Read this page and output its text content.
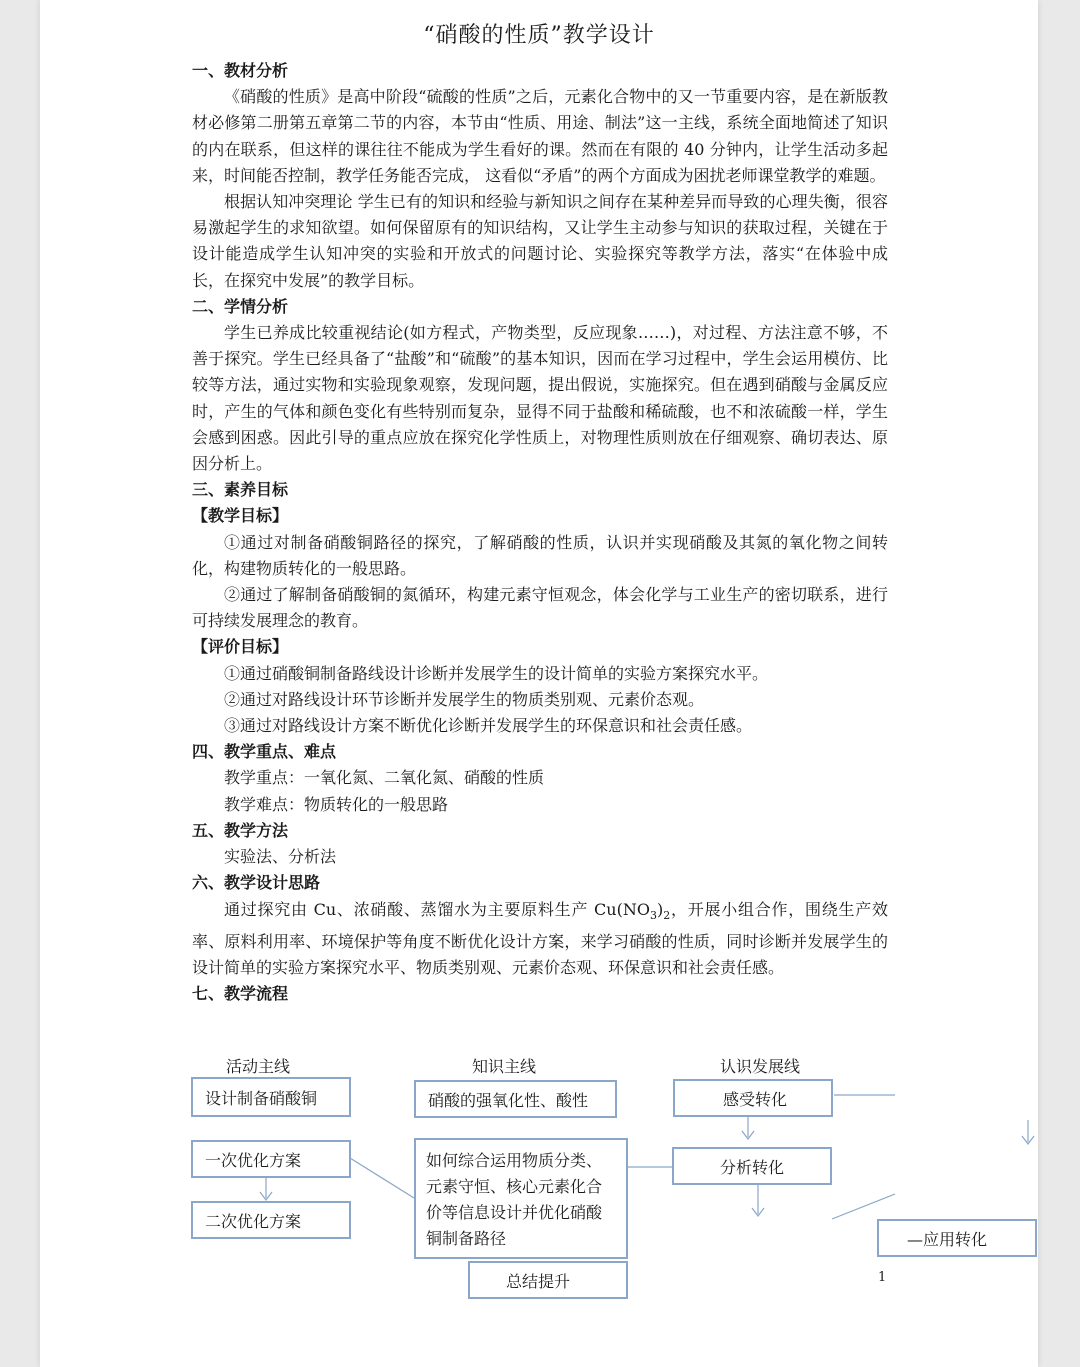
“硝酸的性质”教学设计
一、教材分析

《硝酸的性质》是高中阶段“硫酸的性质”之后，元素化合物中的又一节重要内容，是在新版教材必修第二册第五章第二节的内容，本节由“性质、用途、制法”这一主线，系统全面地简述了知识的内在联系，但这样的课往往不能成为学生看好的课。然而在有限的 40 分钟内，让学生活动多起来，时间能否控制，教学任务能否完成， 这看似“矛盾”的两个方面成为困扰老师课堂教学的难题。

根据认知冲突理论 学生已有的知识和经验与新知识之间存在某种差异而导致的心理失衡，很容易激起学生的求知欲望。如何保留原有的知识结构，又让学生主动参与知识的获取过程，关键在于设计能造成学生认知冲突的实验和开放式的问题讨论、实验探究等教学方法，落实“在体验中成长，在探究中发展”的教学目标。

二、学情分析

学生已养成比较重视结论(如方程式，产物类型，反应现象……)，对过程、方法注意不够，不善于探究。学生已经具备了“盐酸”和“硫酸”的基本知识，因而在学习过程中，学生会运用模仿、比较等方法，通过实物和实验现象观察，发现问题，提出假说，实施探究。但在遇到硝酸与金属反应时，产生的气体和颜色变化有些特别而复杂，显得不同于盐酸和稀硫酸，也不和浓硫酸一样，学生会感到困惑。因此引导的重点应放在探究化学性质上，对物理性质则放在仔细观察、确切表达、原因分析上。

三、素养目标
【教学目标】

①通过对制备硝酸铜路径的探究，了解硝酸的性质，认识并实现硝酸及其氮的氧化物之间转化，构建物质转化的一般思路。

②通过了解制备硝酸铜的氮循环，构建元素守恒观念，体会化学与工业生产的密切联系，进行可持续发展理念的教育。

【评价目标】

①通过硝酸铜制备路线设计诊断并发展学生的设计简单的实验方案探究水平。

②通过对路线设计环节诊断并发展学生的物质类别观、元素价态观。

③通过对路线设计方案不断优化诊断并发展学生的环保意识和社会责任感。

四、教学重点、难点

教学重点：一氧化氮、二氧化氮、硝酸的性质

教学难点：物质转化的一般思路

五、教学方法

实验法、分析法

六、教学设计思路

通过探究由 Cu、浓硝酸、蒸馏水为主要原料生产 $Cu(NO_3)_2$，开展小组合作，围绕生产效率、原料利用率、环境保护等角度不断优化设计方案，来学习硝酸的性质，同时诊断并发展学生的设计简单的实验方案探究水平、物质类别观、元素价态观、环保意识和社会责任感。

七、教学流程
活动主线	知识主线	认识发展线
设计制备硝酸铜
一次优化方案
二次优化方案
硝酸的强氧化性、酸性
如何综合运用物质分类、元素守恒、核心元素化合价等信息设计并优化硝酸铜制备路径
总结提升
感受转化
分析转化
—应用转化
1
